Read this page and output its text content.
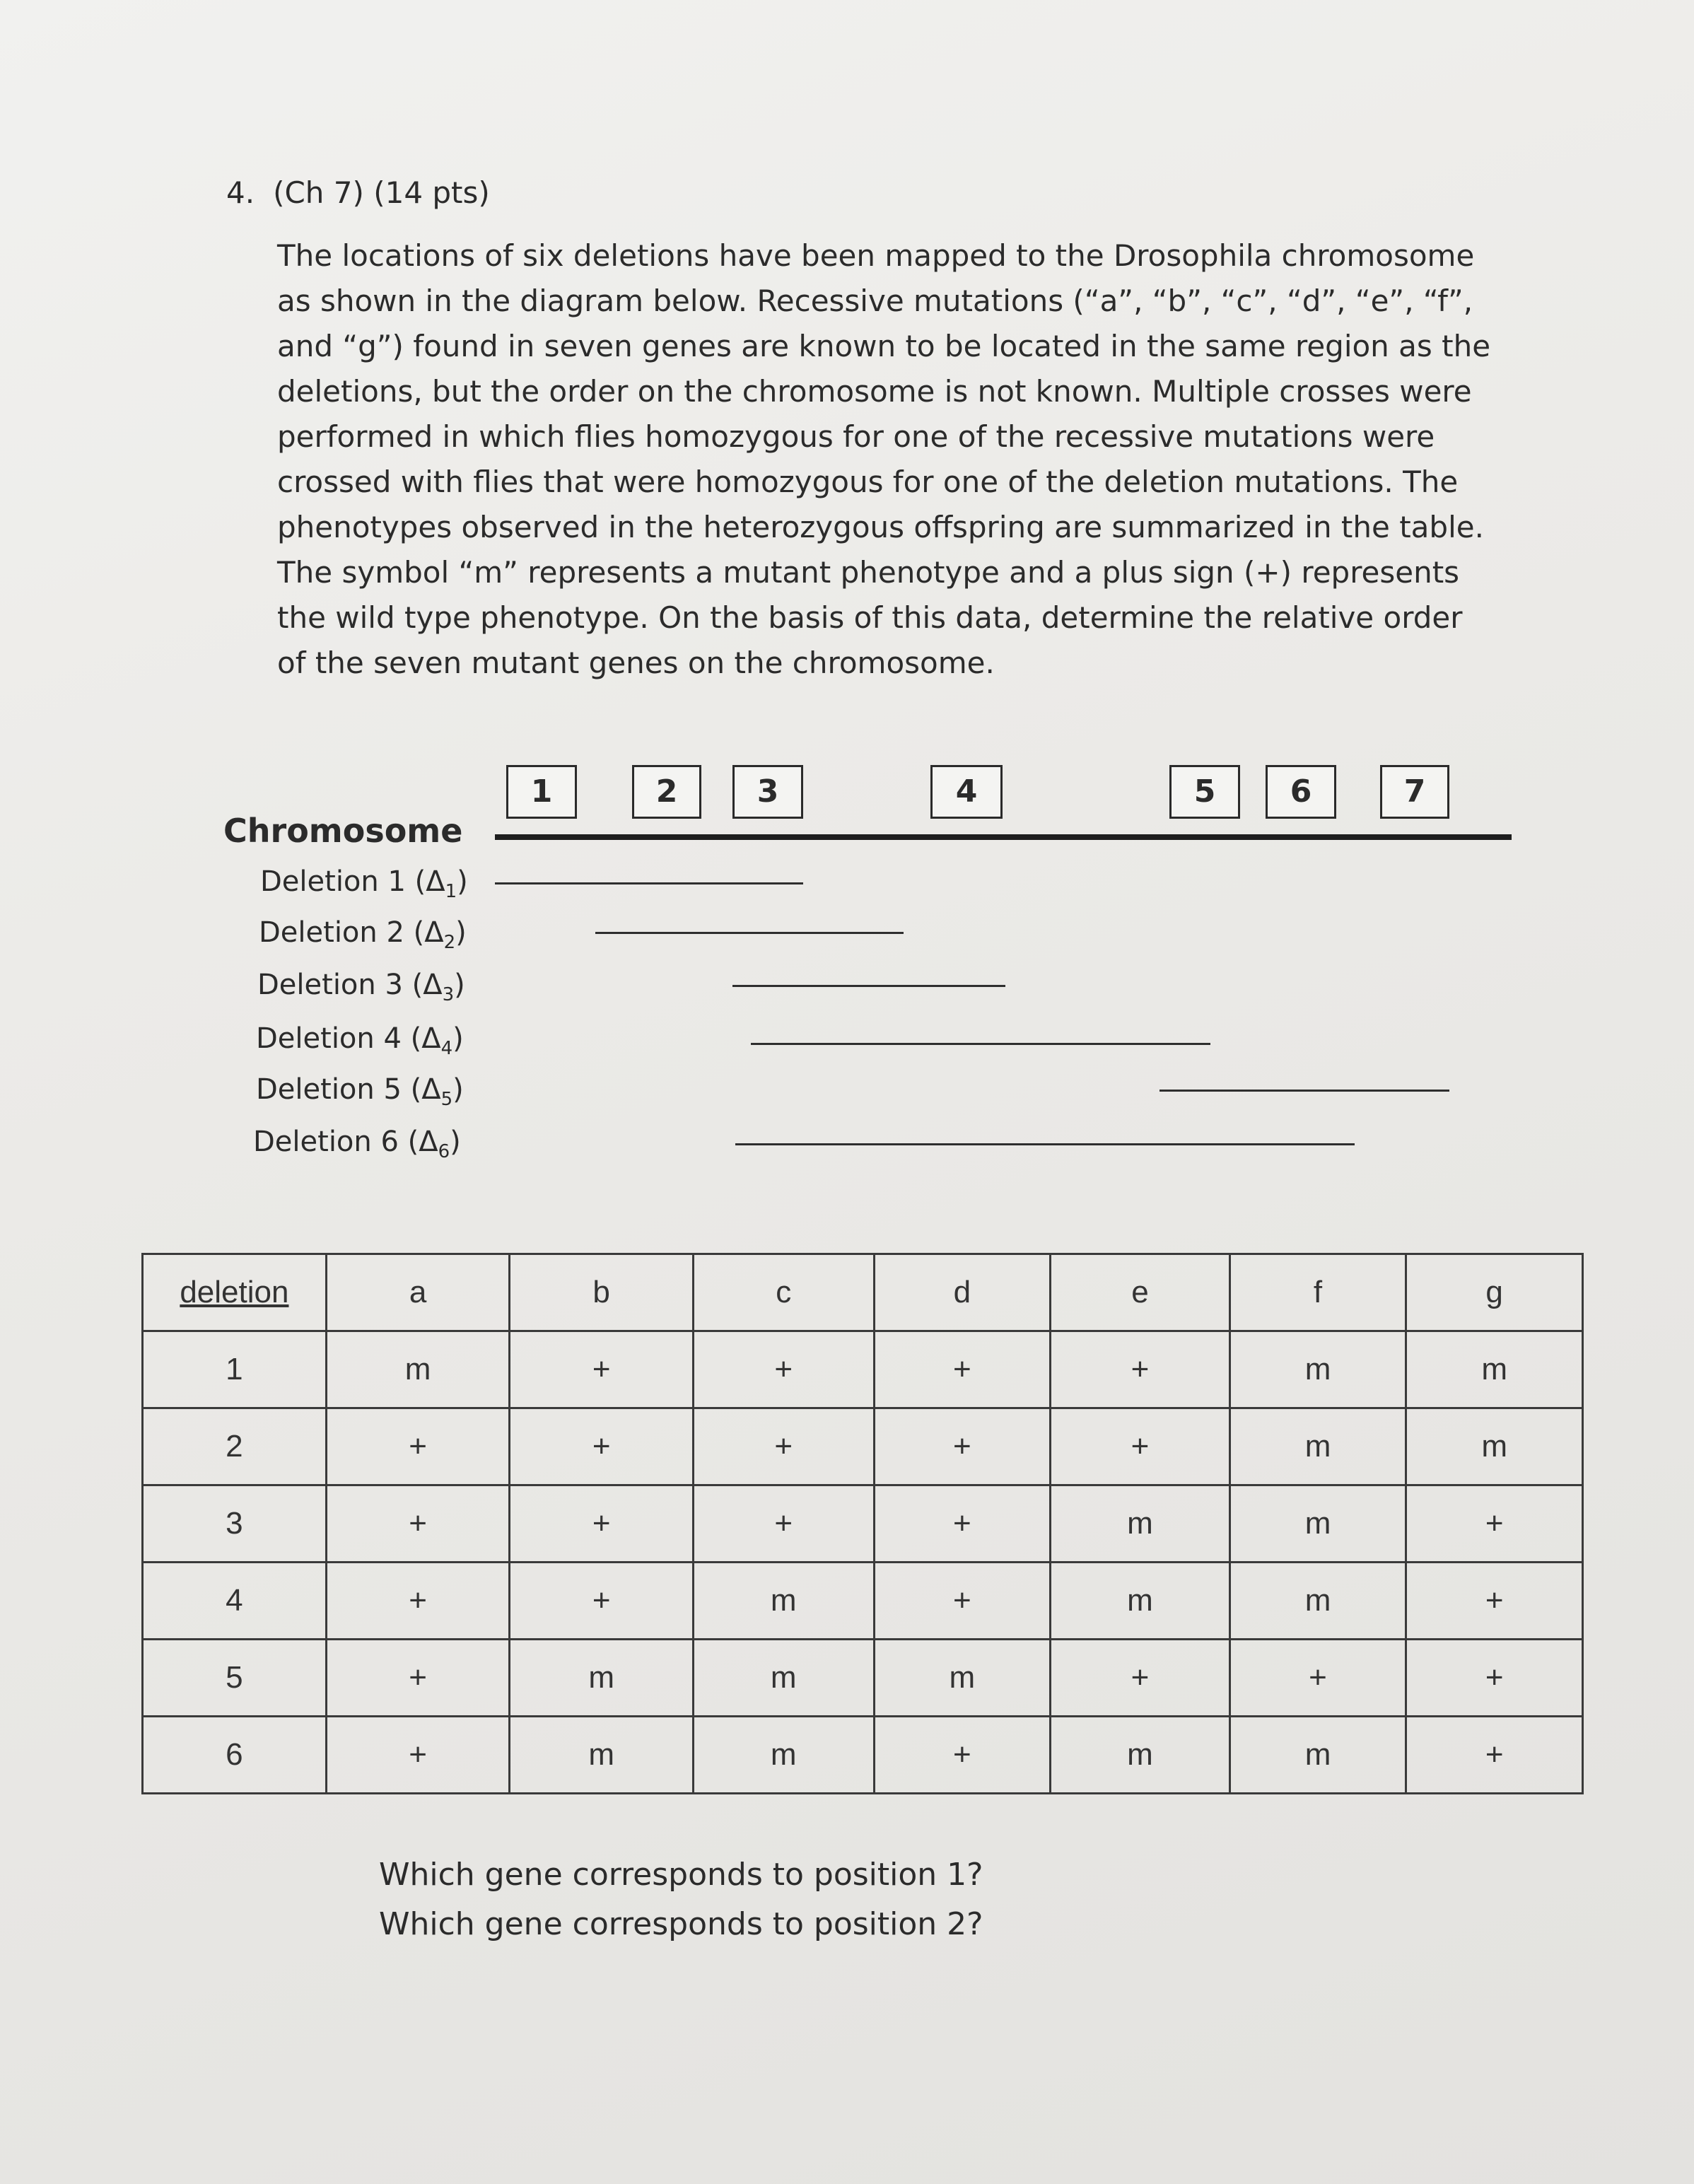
4. (Ch 7) (14 pts)
The locations of six deletions have been mapped to the Drosophila chromosome
as shown in the diagram below. Recessive mutations (“a”, “b”, “c”, “d”, “e”, “f”,
and “g”) found in seven genes are known to be located in the same region as the
deletions, but the order on the chromosome is not known. Multiple crosses were
performed in which flies homozygous for one of the recessive mutations were
crossed with flies that were homozygous for one of the deletion mutations. The
phenotypes observed in the heterozygous offspring are summarized in the table.
The symbol “m” represents a mutant phenotype and a plus sign (+) represents
the wild type phenotype. On the basis of this data, determine the relative order
of the seven mutant genes on the chromosome.
Chromosome
1	2	3	4	5	6	7
Deletion 1 $(\Delta_1)$
Deletion 2 $(\Delta_2)$
Deletion 3 $(\Delta_3)$
Deletion 4 $(\Delta_4)$
Deletion 5 $(\Delta_5)$
Deletion 6 $(\Delta_6)$
deletion	a	b	c	d	e	f	g
1	m	+	+	+	+	m	m
2	+	+	+	+	+	m	m
3	+	+	+	+	m	m	+
4	+	+	m	+	m	m	+
5	+	m	m	m	+	+	+
6	+	m	m	+	m	m	+
Which gene corresponds to position 1?
Which gene corresponds to position 2?
